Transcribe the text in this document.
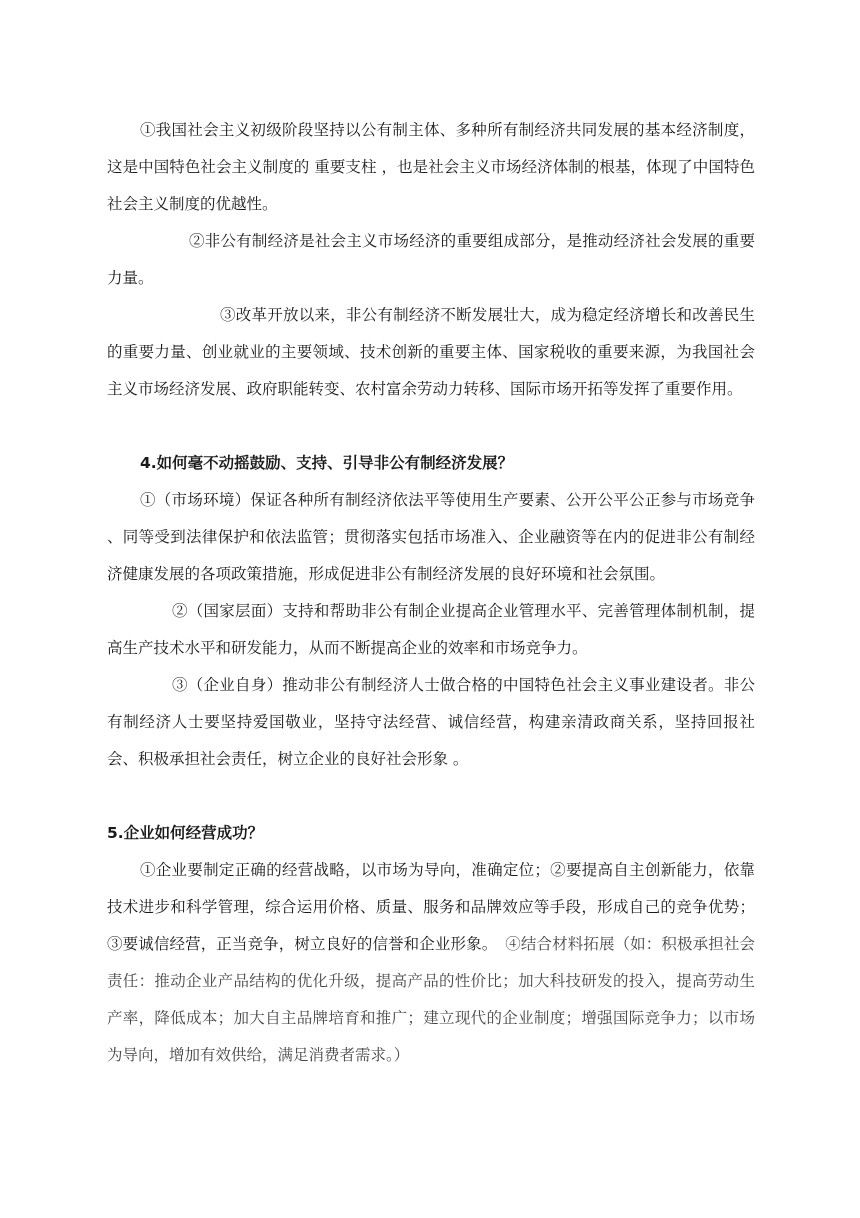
①我国社会主义初级阶段坚持以公有制主体、多种所有制经济共同发展的基本经济制度，这是中国特色社会主义制度的 重要支柱 ，也是社会主义市场经济体制的根基，体现了中国特色社会主义制度的优越性。

②非公有制经济是社会主义市场经济的重要组成部分，是推动经济社会发展的重要力量。

③改革开放以来，非公有制经济不断发展壮大，成为稳定经济增长和改善民生的重要力量、创业就业的主要领域、技术创新的重要主体、国家税收的重要来源，为我国社会主义市场经济发展、政府职能转变、农村富余劳动力转移、国际市场开拓等发挥了重要作用。

4.如何毫不动摇鼓励、支持、引导非公有制经济发展？

①（市场环境）保证各种所有制经济依法平等使用生产要素、公开公平公正参与市场竞争 、同等受到法律保护和依法监管；贯彻落实包括市场准入、企业融资等在内的促进非公有制经济健康发展的各项政策措施，形成促进非公有制经济发展的良好环境和社会氛围。

②（国家层面）支持和帮助非公有制企业提高企业管理水平、完善管理体制机制，提高生产技术水平和研发能力，从而不断提高企业的效率和市场竞争力。

③（企业自身）推动非公有制经济人士做合格的中国特色社会主义事业建设者。非公有制经济人士要坚持爱国敬业，坚持守法经营、诚信经营，构建亲清政商关系，坚持回报社会、积极承担社会责任，树立企业的良好社会形象 。

5.企业如何经营成功？

①企业要制定正确的经营战略，以市场为导向，准确定位；②要提高自主创新能力，依靠技术进步和科学管理，综合运用价格、质量、服务和品牌效应等手段，形成自己的竞争优势；③要诚信经营，正当竞争，树立良好的信誉和企业形象。　 ④结合材料拓展（如：积极承担社会责任：推动企业产品结构的优化升级，提高产品的性价比；加大科技研发的投入，提高劳动生产率，降低成本；加大自主品牌培育和推广；建立现代的企业制度；增强国际竞争力；以市场为导向，增加有效供给，满足消费者需求。）
